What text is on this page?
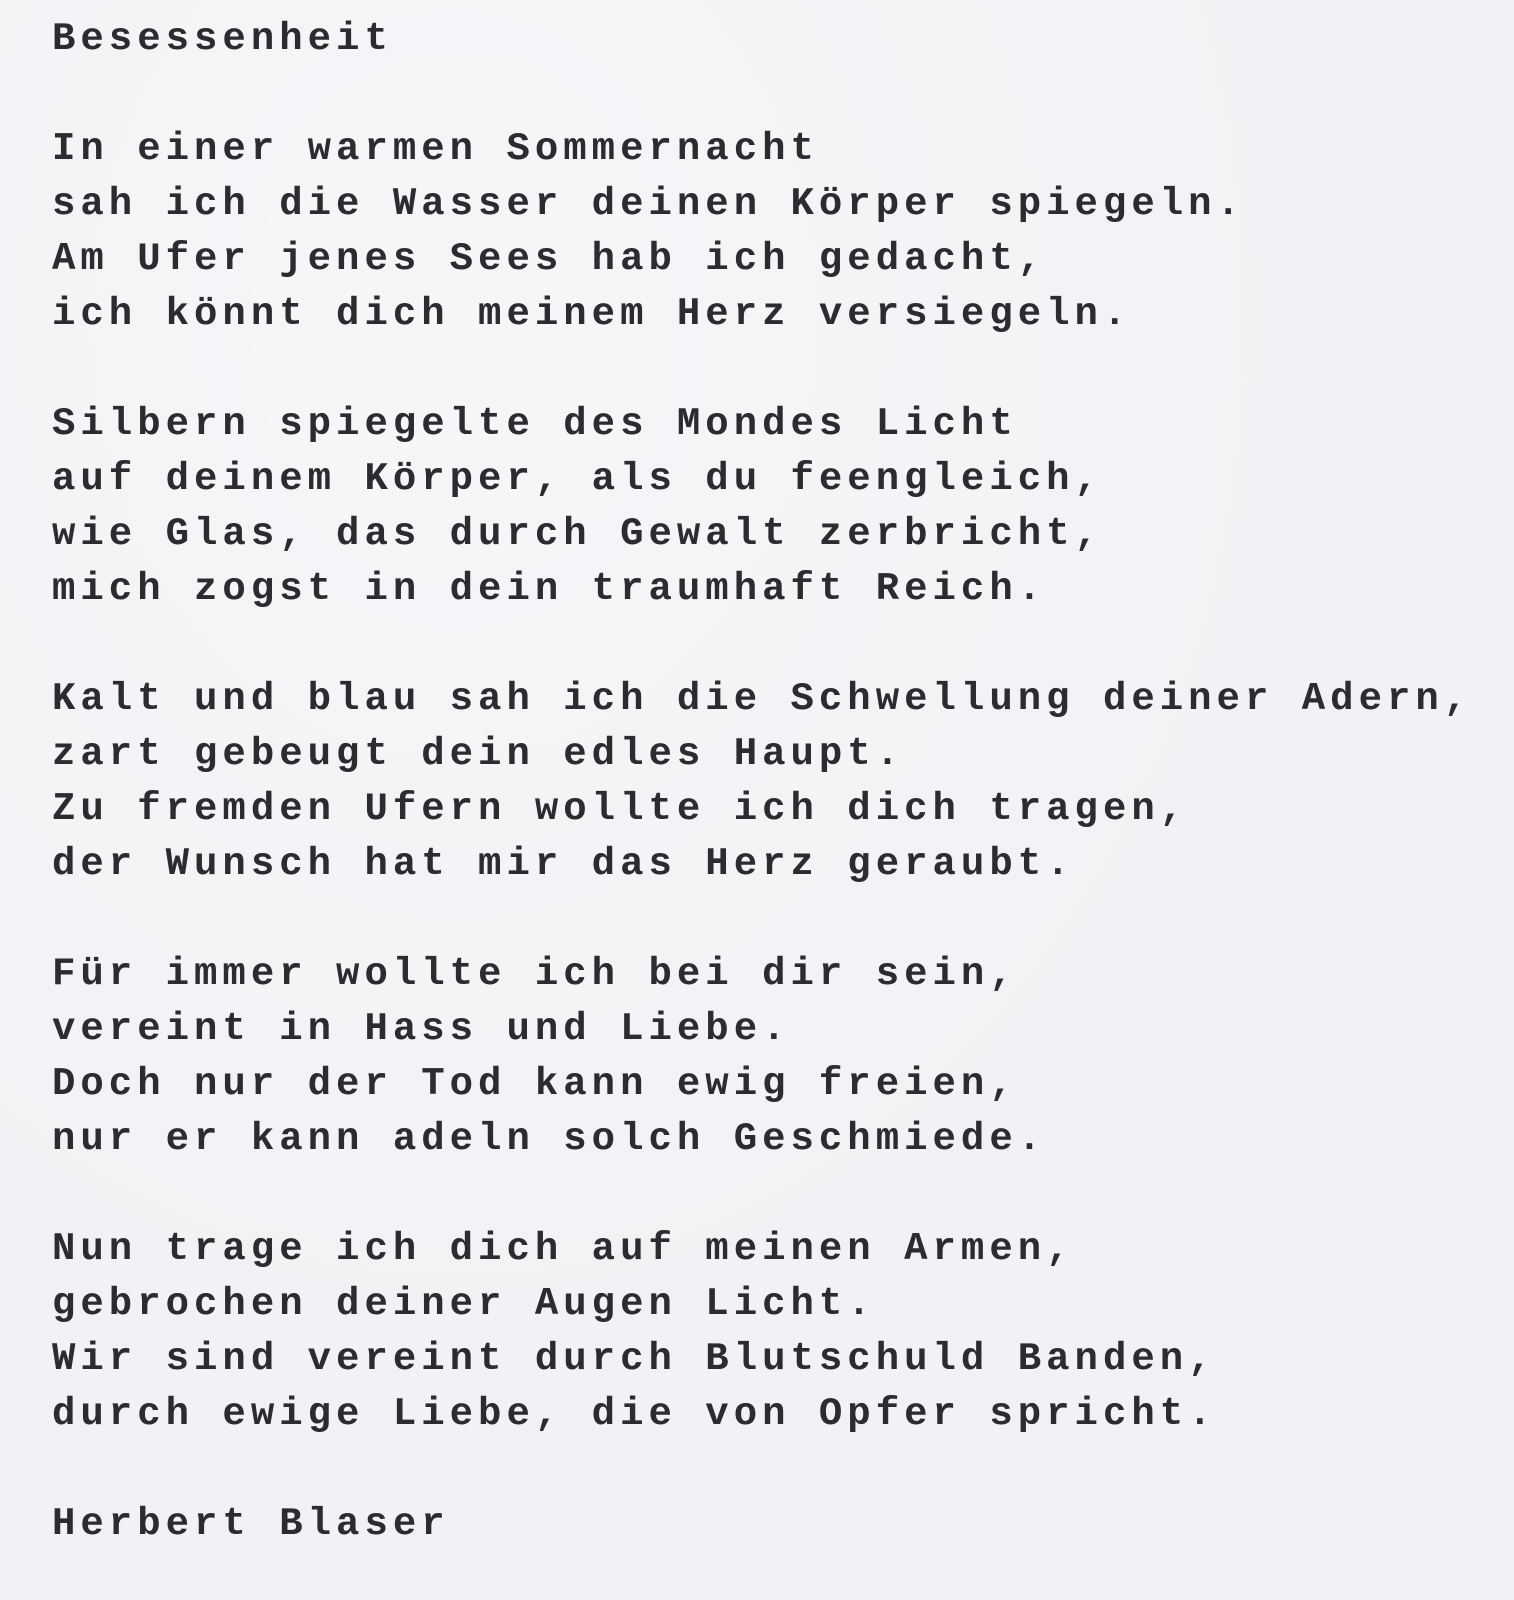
Besessenheit

In einer warmen Sommernacht

sah ich die Wasser deinen Körper spiegeln.

Am Ufer jenes Sees hab ich gedacht,

ich könnt dich meinem Herz versiegeln.

Silbern spiegelte des Mondes Licht

auf deinem Körper, als du feengleich,

wie Glas, das durch Gewalt zerbricht,

mich zogst in dein traumhaft Reich.

Kalt und blau sah ich die Schwellung deiner Adern,

zart gebeugt dein edles Haupt.

Zu fremden Ufern wollte ich dich tragen,

der Wunsch hat mir das Herz geraubt.

Für immer wollte ich bei dir sein,

vereint in Hass und Liebe.

Doch nur der Tod kann ewig freien,

nur er kann adeln solch Geschmiede.

Nun trage ich dich auf meinen Armen,

gebrochen deiner Augen Licht.

Wir sind vereint durch Blutschuld Banden,

durch ewige Liebe, die von Opfer spricht.

Herbert Blaser
